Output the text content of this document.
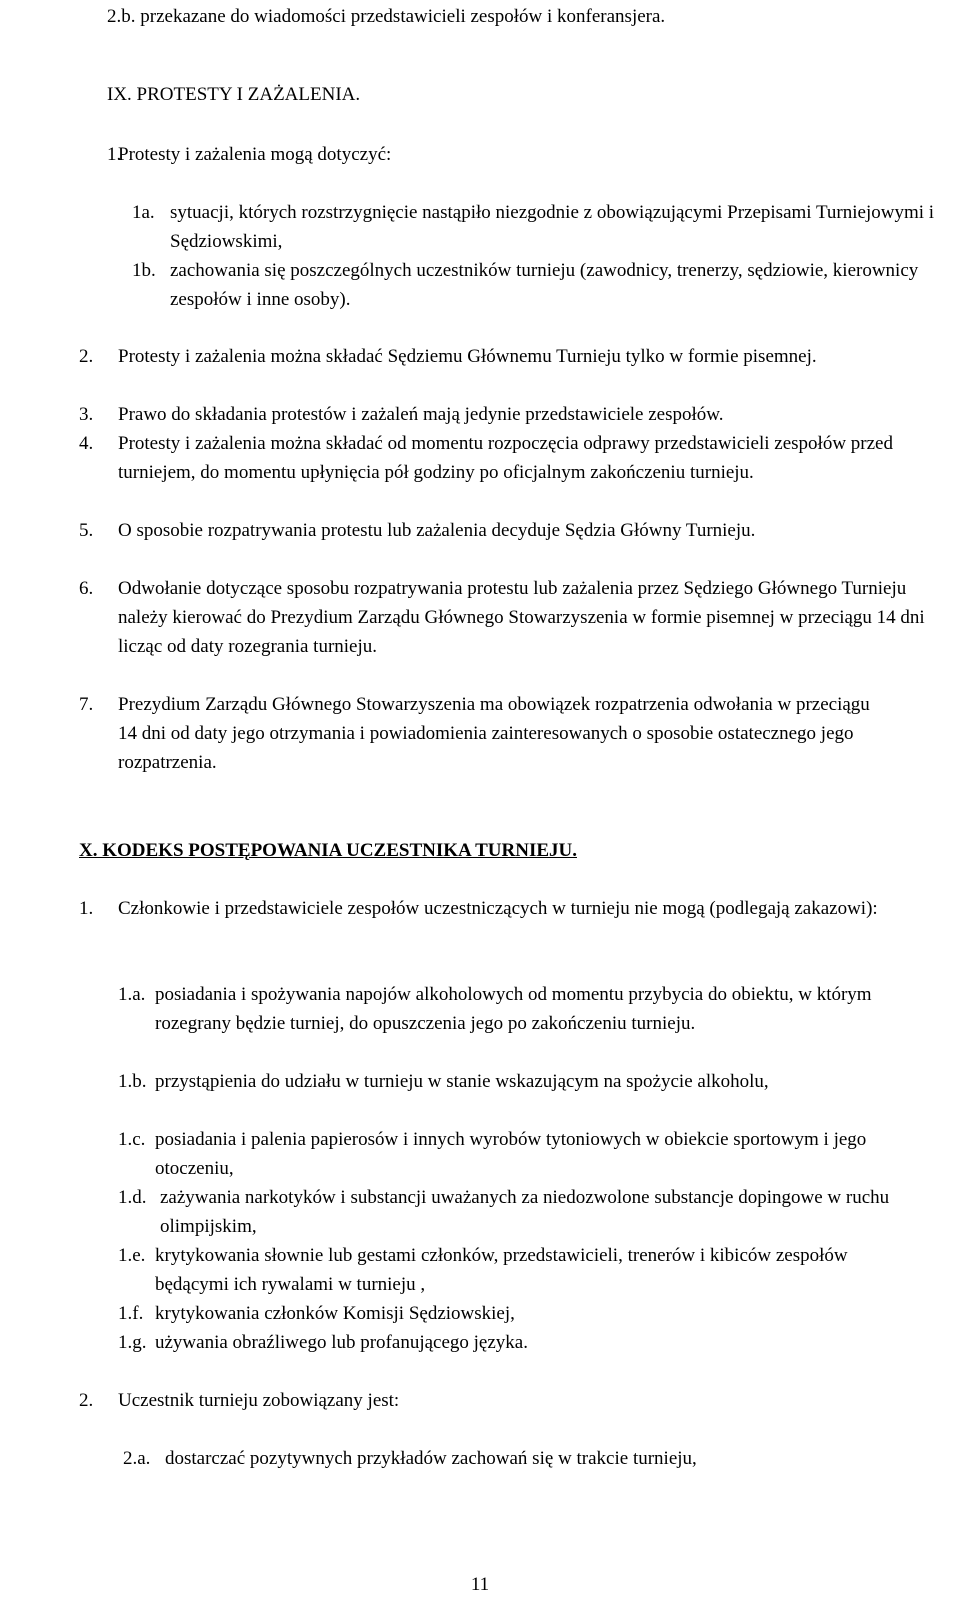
2.b. przekazane do wiadomości przedstawicieli zespołów i konferansjera.
IX. PROTESTY I ZAŻALENIA.
1.
Protesty i zażalenia mogą dotyczyć:
1a. sytuacji, których rozstrzygnięcie nastąpiło niezgodnie z obowiązującymi Przepisami Turniejowymi i Sędziowskimi,
1b. zachowania się poszczególnych uczestników turnieju (zawodnicy, trenerzy, sędziowie, kierownicy zespołów i inne osoby).
2. Protesty i zażalenia można składać Sędziemu Głównemu Turnieju tylko w formie pisemnej.
3. Prawo do składania protestów i zażaleń mają jedynie przedstawiciele zespołów.
4. Protesty i zażalenia można składać od momentu rozpoczęcia odprawy przedstawicieli zespołów przed turniejem, do momentu upłynięcia pół godziny po oficjalnym zakończeniu turnieju.
5. O sposobie rozpatrywania protestu lub zażalenia decyduje Sędzia Główny Turnieju.
6. Odwołanie dotyczące sposobu rozpatrywania protestu lub zażalenia przez Sędziego Głównego Turnieju należy kierować do Prezydium Zarządu Głównego Stowarzyszenia w formie pisemnej w przeciągu 14 dni licząc od daty rozegrania turnieju.
7. Prezydium Zarządu Głównego Stowarzyszenia ma obowiązek rozpatrzenia odwołania w przeciągu 14 dni od daty jego otrzymania i powiadomienia zainteresowanych o sposobie ostatecznego jego rozpatrzenia.
X. KODEKS POSTĘPOWANIA UCZESTNIKA TURNIEJU.
1. Członkowie i przedstawiciele zespołów uczestniczących w turnieju nie mogą (podlegają zakazowi):
1.a. posiadania i spożywania napojów alkoholowych od momentu przybycia do obiektu, w którym rozegrany będzie turniej, do opuszczenia jego po zakończeniu turnieju.
1.b. przystąpienia do udziału w turnieju w stanie wskazującym na spożycie alkoholu,
1.c. posiadania i palenia papierosów i innych wyrobów tytoniowych w obiekcie sportowym i jego otoczeniu,
1.d. zażywania narkotyków i substancji uważanych za niedozwolone substancje dopingowe w ruchu olimpijskim,
1.e. krytykowania słownie lub gestami członków, przedstawicieli, trenerów i kibiców zespołów będącymi ich rywalami w turnieju ,
1.f. krytykowania członków Komisji Sędziowskiej,
1.g. używania obraźliwego lub profanującego języka.
2. Uczestnik turnieju zobowiązany jest:
2.a. dostarczać pozytywnych przykładów zachowań się w trakcie turnieju,
11
